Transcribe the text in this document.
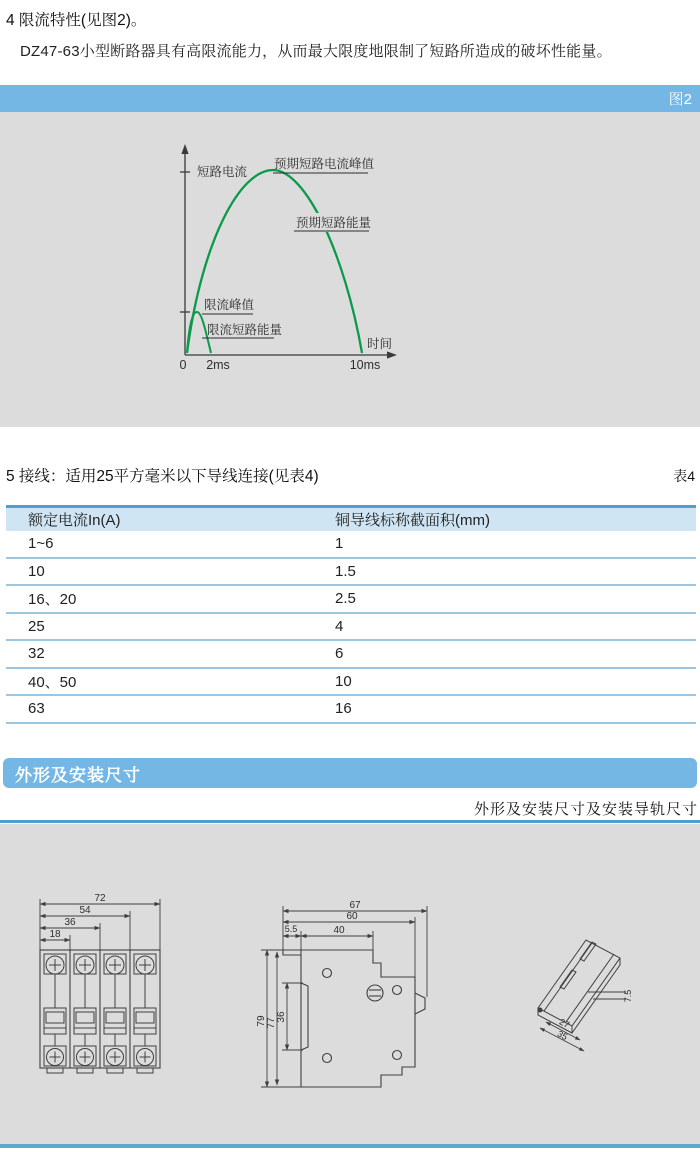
4 限流特性(见图2)。
DZ47-63小型断路器具有高限流能力，从而最大限度地限制了短路所造成的破坏性能量。
图2
短路电流
预期短路电流峰值
预期短路能量
限流峰值
限流短路能量
时间
0 2ms	10ms
5 接线：适用25平方毫米以下导线连接(见表4)	表4
额定电流In(A)	铜导线标称截面积(mm)
1~6	1
10	1.5
16、20	2.5
25	4
32	6
40、50	10
63	16
外形及安装尺寸
外形及安装尺寸及安装导轨尺寸
72
54
36
18
67
60
5.5	40
79 77
36
7.5
27
35
